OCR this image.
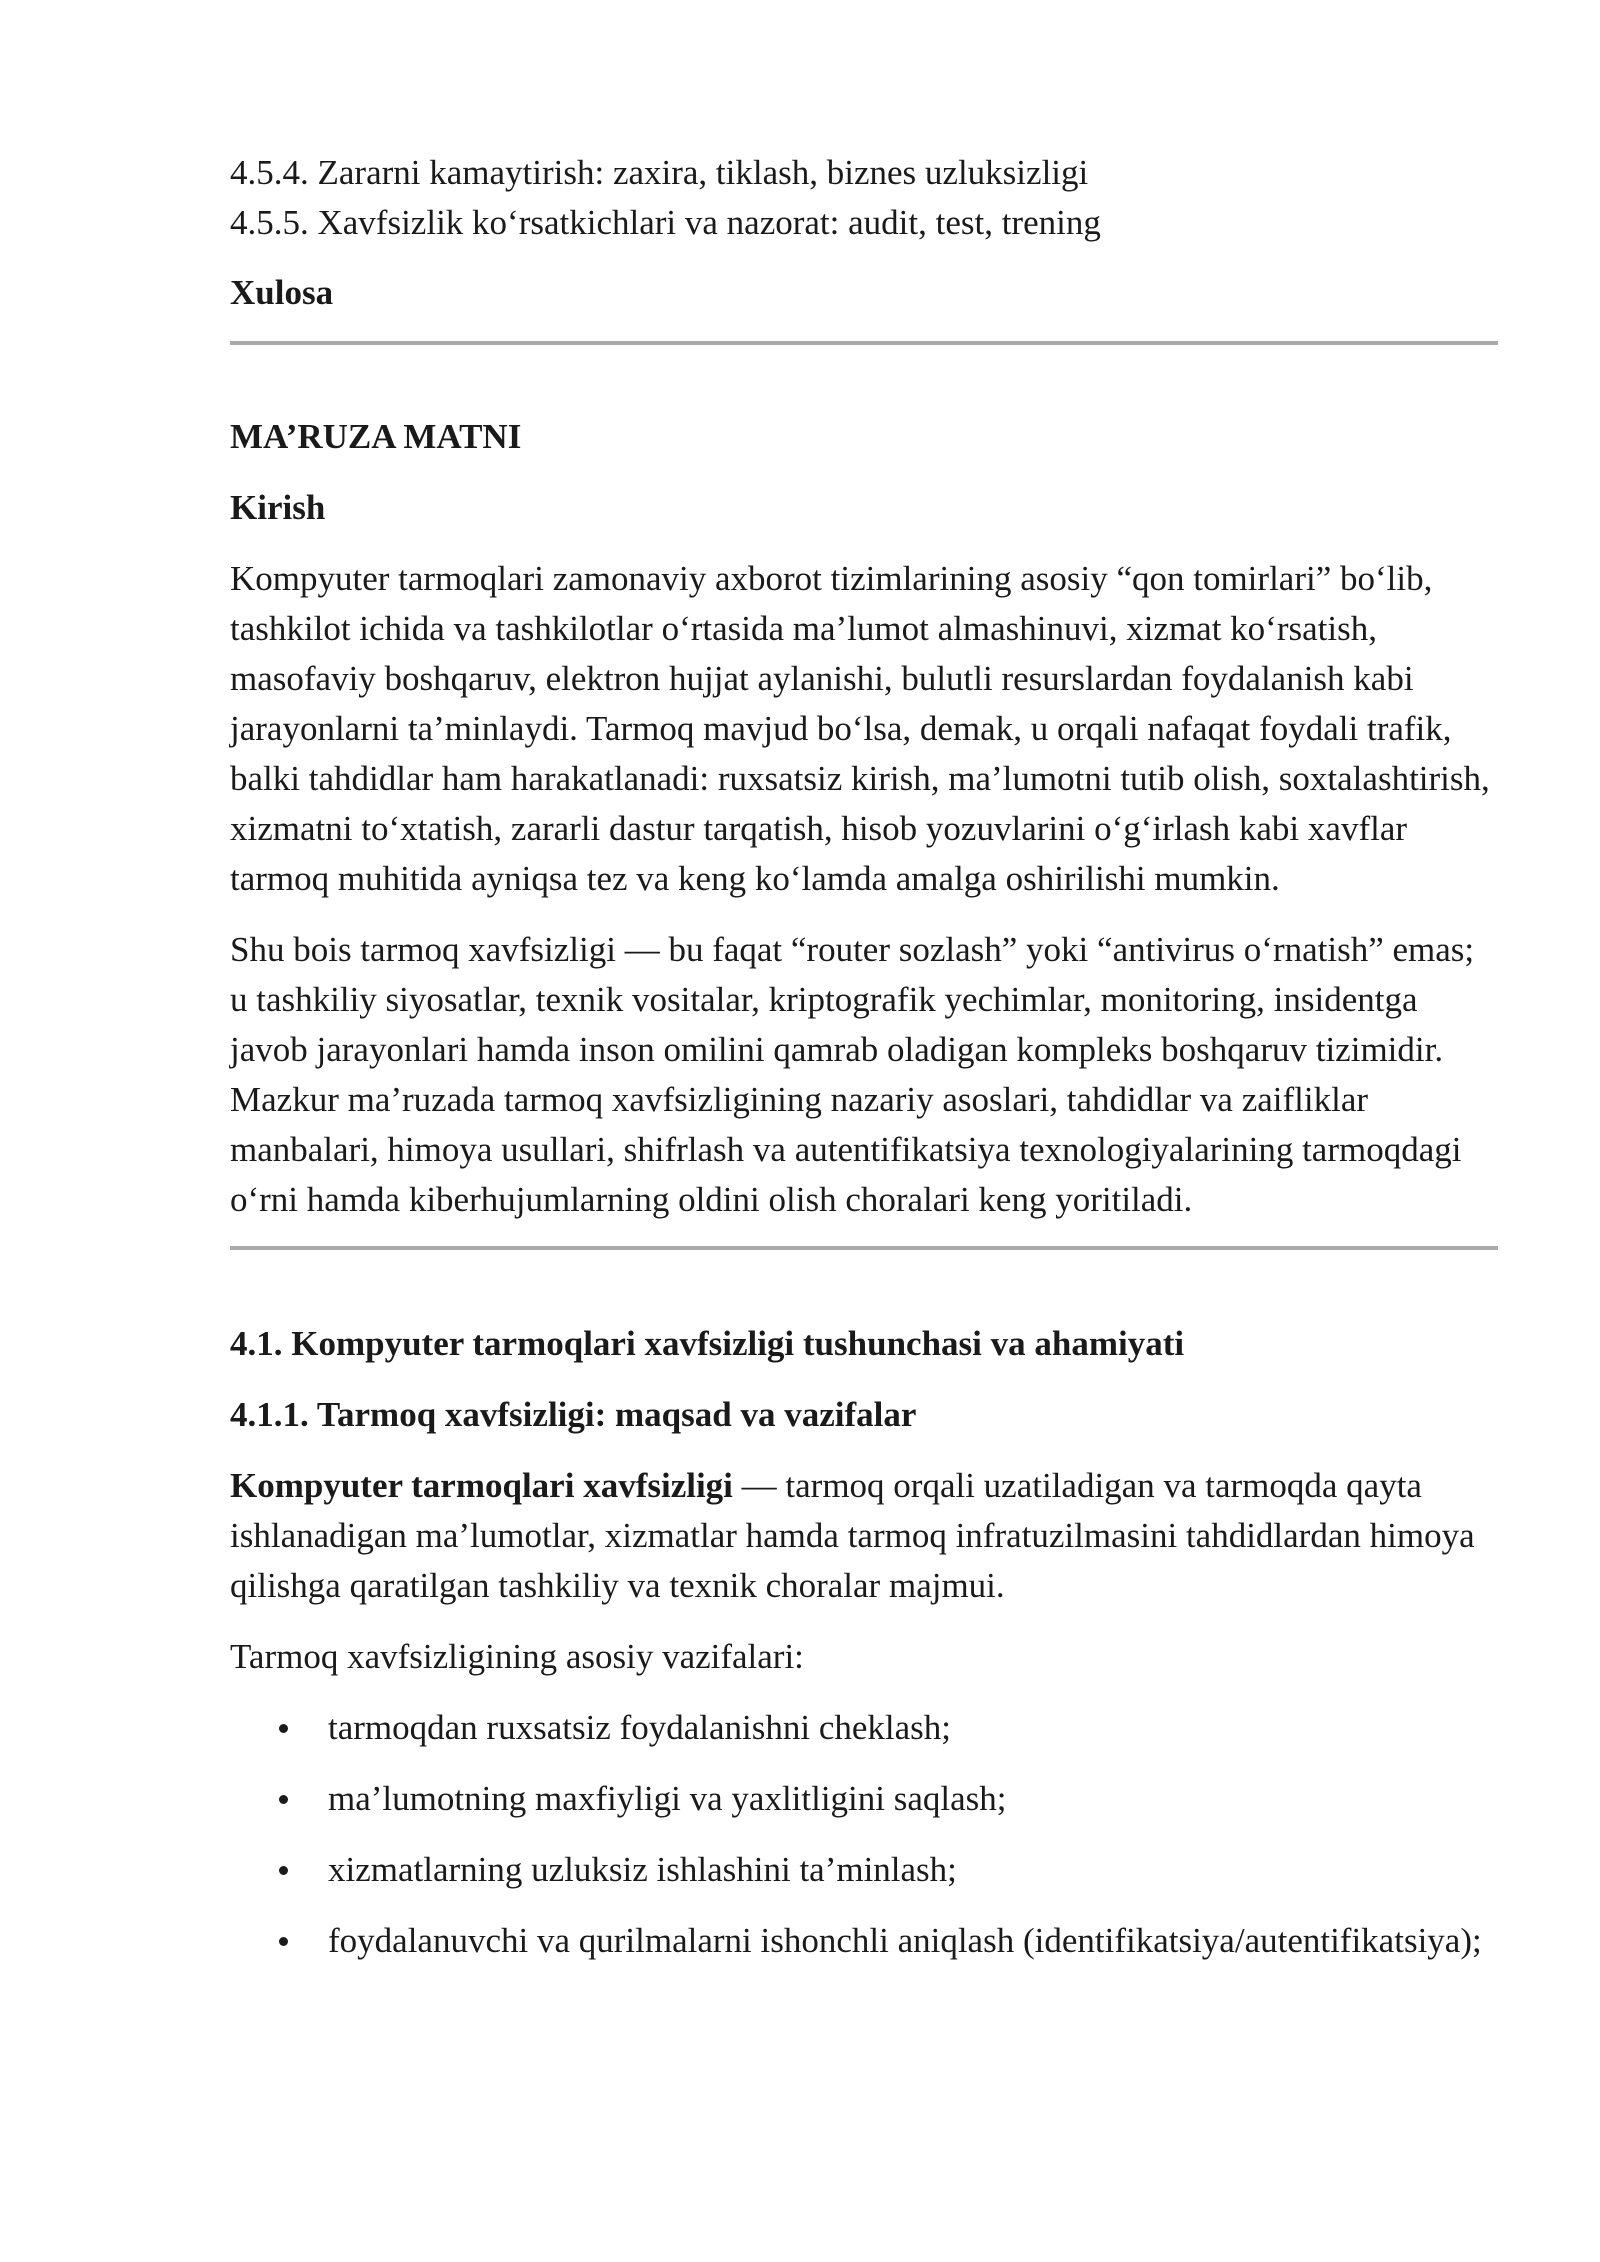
4.5.4. Zararni kamaytirish: zaxira, tiklash, biznes uzluksizligi

4.5.5. Xavfsizlik ko‘rsatkichlari va nazorat: audit, test, trening

Xulosa
MA’RUZA MATNI
Kirish

Kompyuter tarmoqlari zamonaviy axborot tizimlarining asosiy “qon tomirlari” bo‘lib, tashkilot ichida va tashkilotlar o‘rtasida ma’lumot almashinuvi, xizmat ko‘rsatish, masofaviy boshqaruv, elektron hujjat aylanishi, bulutli resurslardan foydalanish kabi jarayonlarni ta’minlaydi. Tarmoq mavjud bo‘lsa, demak, u orqali nafaqat foydali trafik, balki tahdidlar ham harakatlanadi: ruxsatsiz kirish, ma’lumotni tutib olish, soxtalashtirish, xizmatni to‘xtatish, zararli dastur tarqatish, hisob yozuvlarini o‘g‘irlash kabi xavflar tarmoq muhitida ayniqsa tez va keng ko‘lamda amalga oshirilishi mumkin.

Shu bois tarmoq xavfsizligi — bu faqat “router sozlash” yoki “antivirus o‘rnatish” emas; u tashkiliy siyosatlar, texnik vositalar, kriptografik yechimlar, monitoring, insidentga javob jarayonlari hamda inson omilini qamrab oladigan kompleks boshqaruv tizimidir. Mazkur ma’ruzada tarmoq xavfsizligining nazariy asoslari, tahdidlar va zaifliklar manbalari, himoya usullari, shifrlash va autentifikatsiya texnologiyalarining tarmoqdagi o‘rni hamda kiberhujumlarning oldini olish choralari keng yoritiladi.

4.1. Kompyuter tarmoqlari xavfsizligi tushunchasi va ahamiyati
4.1.1. Tarmoq xavfsizligi: maqsad va vazifalar

Kompyuter tarmoqlari xavfsizligi — tarmoq orqali uzatiladigan va tarmoqda qayta ishlanadigan ma’lumotlar, xizmatlar hamda tarmoq infratuzilmasini tahdidlardan himoya qilishga qaratilgan tashkiliy va texnik choralar majmui.

Tarmoq xavfsizligining asosiy vazifalari:

tarmoqdan ruxsatsiz foydalanishni cheklash;
ma’lumotning maxfiyligi va yaxlitligini saqlash;
xizmatlarning uzluksiz ishlashini ta’minlash;
foydalanuvchi va qurilmalarni ishonchli aniqlash (identifikatsiya/autentifikatsiya);
